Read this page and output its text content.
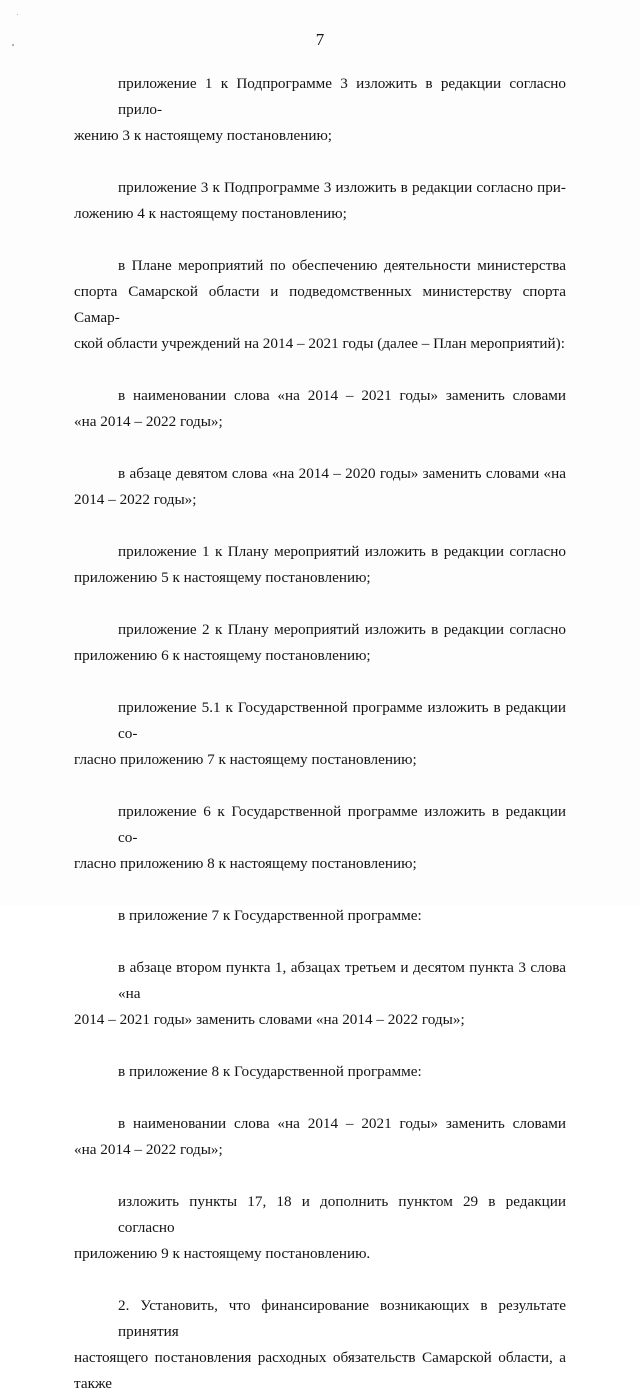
7
приложение 1 к Подпрограмме 3 изложить в редакции согласно прило-
жению 3 к настоящему постановлению;
приложение 3 к Подпрограмме 3 изложить в редакции согласно при-
ложению 4 к настоящему постановлению;
в Плане мероприятий по обеспечению деятельности министерства
спорта Самарской области и подведомственных министерству спорта Самар-
ской области учреждений на 2014 – 2021 годы (далее – План мероприятий):
в наименовании слова «на 2014 – 2021 годы» заменить словами
«на 2014 – 2022 годы»;
в абзаце девятом слова «на 2014 – 2020 годы» заменить словами «на
2014 – 2022 годы»;
приложение 1 к Плану мероприятий изложить в редакции согласно
приложению 5 к настоящему постановлению;
приложение 2 к Плану мероприятий изложить в редакции согласно
приложению 6 к настоящему постановлению;
приложение 5.1 к Государственной программе изложить в редакции со-
гласно приложению 7 к настоящему постановлению;
приложение 6 к Государственной программе изложить в редакции со-
гласно приложению 8 к настоящему постановлению;
в приложение 7 к Государственной программе:
в абзаце втором пункта 1, абзацах третьем и десятом пункта 3 слова «на
2014 – 2021 годы» заменить словами «на 2014 – 2022 годы»;
в приложение 8 к Государственной программе:
в наименовании слова «на 2014 – 2021 годы» заменить словами
«на 2014 – 2022 годы»;
изложить пункты 17, 18 и дополнить пунктом 29 в редакции согласно
приложению 9 к настоящему постановлению.
2. Установить, что финансирование возникающих в результате принятия
настоящего постановления расходных обязательств Самарской области, а также
